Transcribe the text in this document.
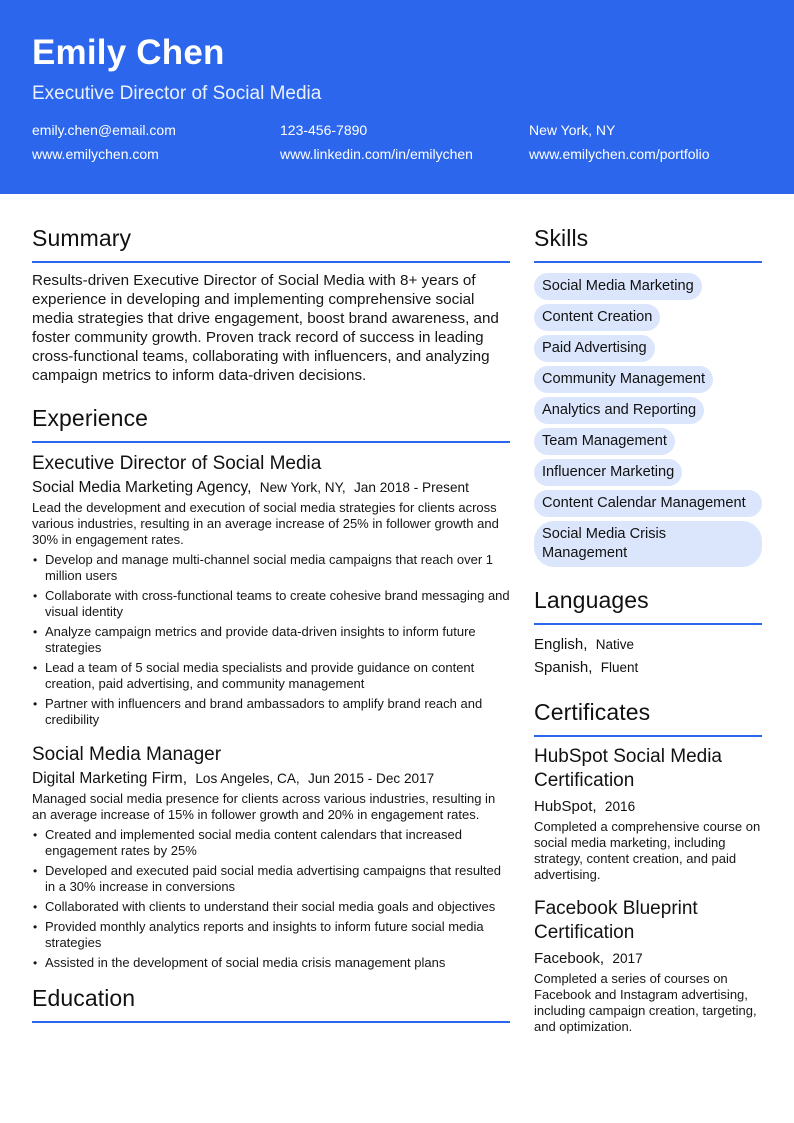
Emily Chen
Executive Director of Social Media
emily.chen@email.com	123-456-7890	New York, NY
www.emilychen.com	www.linkedin.com/in/emilychen	www.emilychen.com/portfolio
Summary

Results-driven Executive Director of Social Media with 8+ years of experience in developing and implementing comprehensive social media strategies that drive engagement, boost brand awareness, and foster community growth. Proven track record of success in leading cross-functional teams, collaborating with influencers, and analyzing campaign metrics to inform data-driven decisions.

Experience
Executive Director of Social Media
Social Media Marketing Agency, New York, NY, Jan 2018 - Present
Lead the development and execution of social media strategies for clients across various industries, resulting in an average increase of 25% in follower growth and 30% in engagement rates.
• Develop and manage multi-channel social media campaigns that reach over 1 million users
• Collaborate with cross-functional teams to create cohesive brand messaging and visual identity
• Analyze campaign metrics and provide data-driven insights to inform future strategies
• Lead a team of 5 social media specialists and provide guidance on content creation, paid advertising, and community management
• Partner with influencers and brand ambassadors to amplify brand reach and credibility
Social Media Manager
Digital Marketing Firm, Los Angeles, CA, Jun 2015 - Dec 2017
Managed social media presence for clients across various industries, resulting in an average increase of 15% in follower growth and 20% in engagement rates.
• Created and implemented social media content calendars that increased engagement rates by 25%
• Developed and executed paid social media advertising campaigns that resulted in a 30% increase in conversions
• Collaborated with clients to understand their social media goals and objectives
• Provided monthly analytics reports and insights to inform future social media strategies
• Assisted in the development of social media crisis management plans
Education
Skills
Social Media Marketing
Content Creation
Paid Advertising
Community Management
Analytics and Reporting
Team Management
Influencer Marketing
Content Calendar Management
Social Media Crisis Management
Languages
English, Native
Spanish, Fluent
Certificates
HubSpot Social Media Certification
HubSpot, 2016
Completed a comprehensive course on social media marketing, including strategy, content creation, and paid advertising.
Facebook Blueprint Certification
Facebook, 2017
Completed a series of courses on Facebook and Instagram advertising, including campaign creation, targeting, and optimization.
